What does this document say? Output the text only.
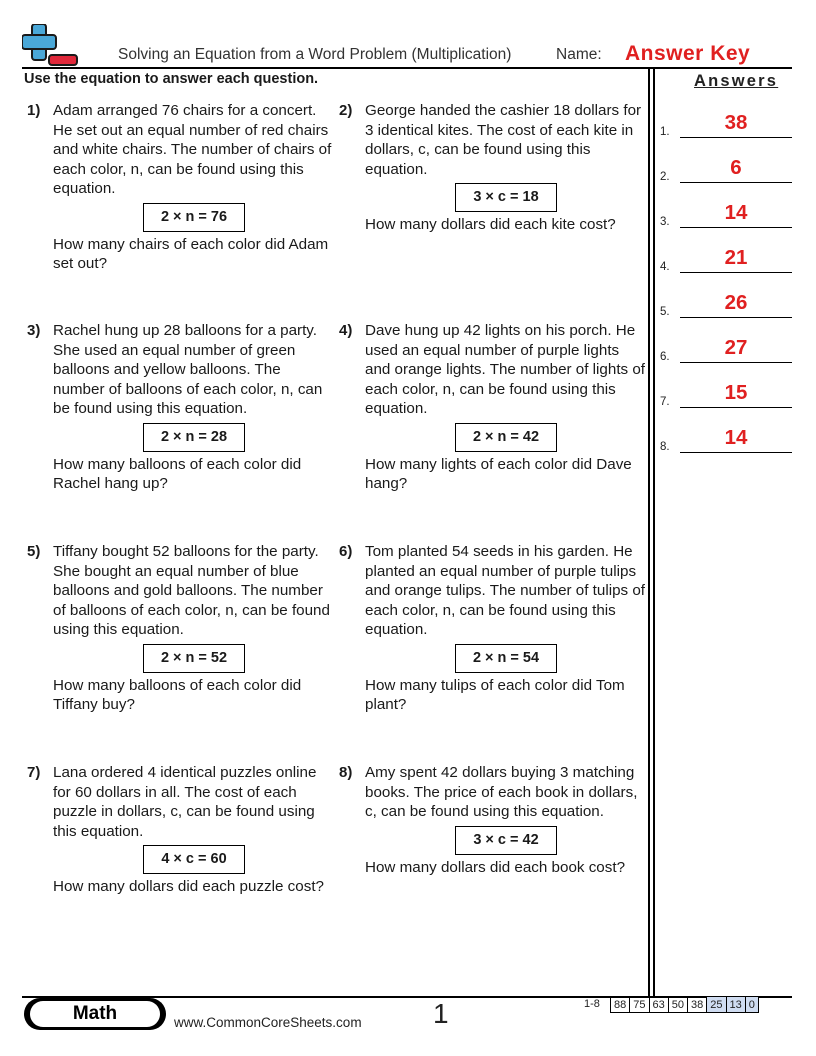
Solving an Equation from a Word Problem (Multiplication)	Name: Answer Key
Use the equation to answer each question.	Answers
1) Adam arranged 76 chairs for a concert. He set out an equal number of red chairs and white chairs. The number of chairs of each color, n, can be found using this equation.

2 × n = 76

How many chairs of each color did Adam set out?

2) George handed the cashier 18 dollars for 3 identical kites. The cost of each kite in dollars, c, can be found using this equation.

3 × c = 18

How many dollars did each kite cost?

3) Rachel hung up 28 balloons for a party. She used an equal number of green balloons and yellow balloons. The number of balloons of each color, n, can be found using this equation.

2 × n = 28

How many balloons of each color did Rachel hang up?

4) Dave hung up 42 lights on his porch. He used an equal number of purple lights and orange lights. The number of lights of each color, n, can be found using this equation.

2 × n = 42

How many lights of each color did Dave hang?

5) Tiffany bought 52 balloons for the party. She bought an equal number of blue balloons and gold balloons. The number of balloons of each color, n, can be found using this equation.

2 × n = 52

How many balloons of each color did Tiffany buy?

6) Tom planted 54 seeds in his garden. He planted an equal number of purple tulips and orange tulips. The number of tulips of each color, n, can be found using this equation.

2 × n = 54

How many tulips of each color did Tom plant?

7) Lana ordered 4 identical puzzles online for 60 dollars in all. The cost of each puzzle in dollars, c, can be found using this equation.

4 × c = 60

How many dollars did each puzzle cost?

8) Amy spent 42 dollars buying 3 matching books. The price of each book in dollars, c, can be found using this equation.

3 × c = 42

How many dollars did each book cost?

1.	38
2.	6
3.	14
4.	21
5.	26
6.	27
7.	15
8.	14
Math	www.CommonCoreSheets.com	1	1-8 88	75	63	50	38	25	13	0
